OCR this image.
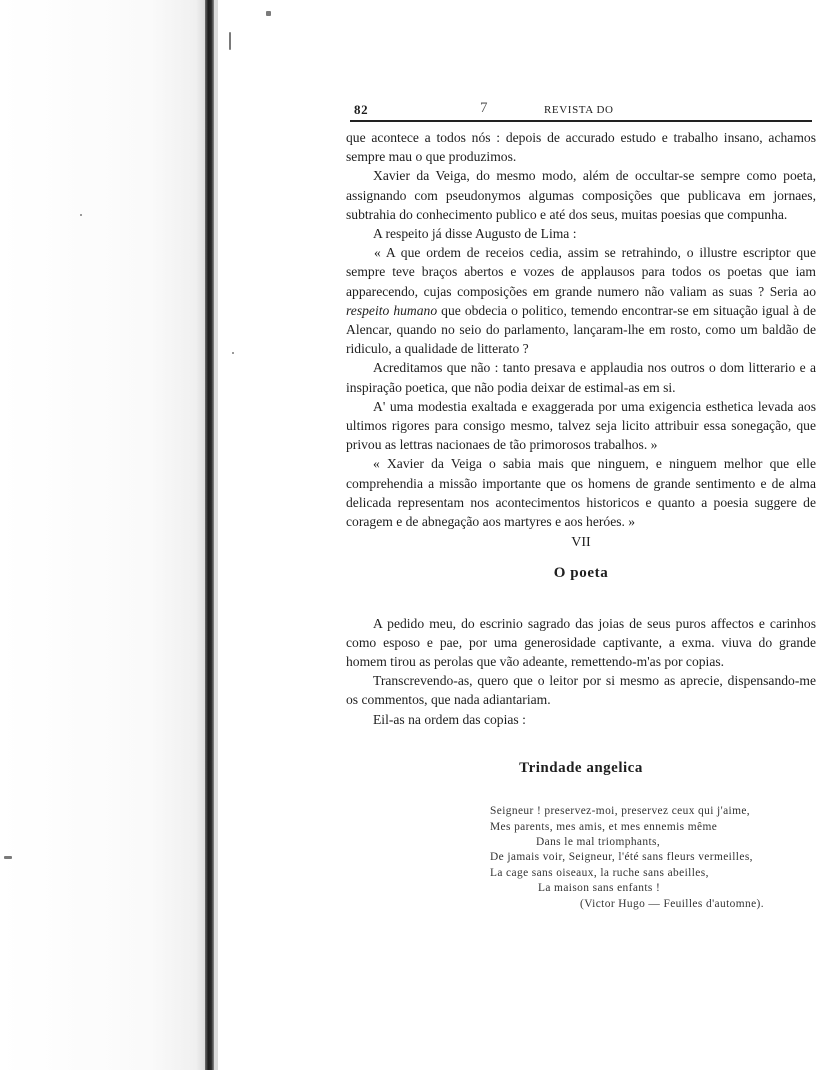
82	7	REVISTA DO

que acontece a todos nós : depois de accurado estudo e trabalho insano, achamos sempre mau o que produzimos.

Xavier da Veiga, do mesmo modo, além de occultar-se sempre como poeta, assignando com pseudonymos algumas composições que publicava em jornaes, subtrahia do conhecimento publico e até dos seus, muitas poesias que compunha.

A respeito já disse Augusto de Lima :

« A que ordem de receios cedia, assim se retrahindo, o illustre escriptor que sempre teve braços abertos e vozes de applausos para todos os poetas que iam apparecendo, cujas composições em grande numero não valiam as suas ? Seria ao respeito humano que obdecia o politico, temendo encontrar-se em situação igual à de Alencar, quando no seio do parlamento, lançaram-lhe em rosto, como um baldão de ridiculo, a qualidade de litterato ?

Acreditamos que não : tanto presava e applaudia nos outros o dom litterario e a inspiração poetica, que não podia deixar de estimal-as em si.

A' uma modestia exaltada e exaggerada por uma exigencia esthetica levada aos ultimos rigores para consigo mesmo, talvez seja licito attribuir essa sonegação, que privou as lettras nacionaes de tão primorosos trabalhos. »

« Xavier da Veiga o sabia mais que ninguem, e ninguem melhor que elle comprehendia a missão importante que os homens de grande sentimento e de alma delicada representam nos acontecimentos historicos e quanto a poesia suggere de coragem e de abnegação aos martyres e aos heróes. »

VII
O poeta

A pedido meu, do escrinio sagrado das joias de seus puros affectos e carinhos como esposo e pae, por uma generosidade captivante, a exma. viuva do grande homem tirou as perolas que vão adeante, remettendo-m'as por copias.

Transcrevendo-as, quero que o leitor por si mesmo as aprecie, dispensando-me os commentos, que nada adiantariam.

Eil-as na ordem das copias :

Trindade angelica
Seigneur ! preservez-moi, preservez ceux qui j'aime,
Mes parents, mes amis, et mes ennemis même
Dans le mal triomphants,
De jamais voir, Seigneur, l'été sans fleurs vermeilles,
La cage sans oiseaux, la ruche sans abeilles,
La maison sans enfants !
(Victor Hugo — Feuilles d'automne).
